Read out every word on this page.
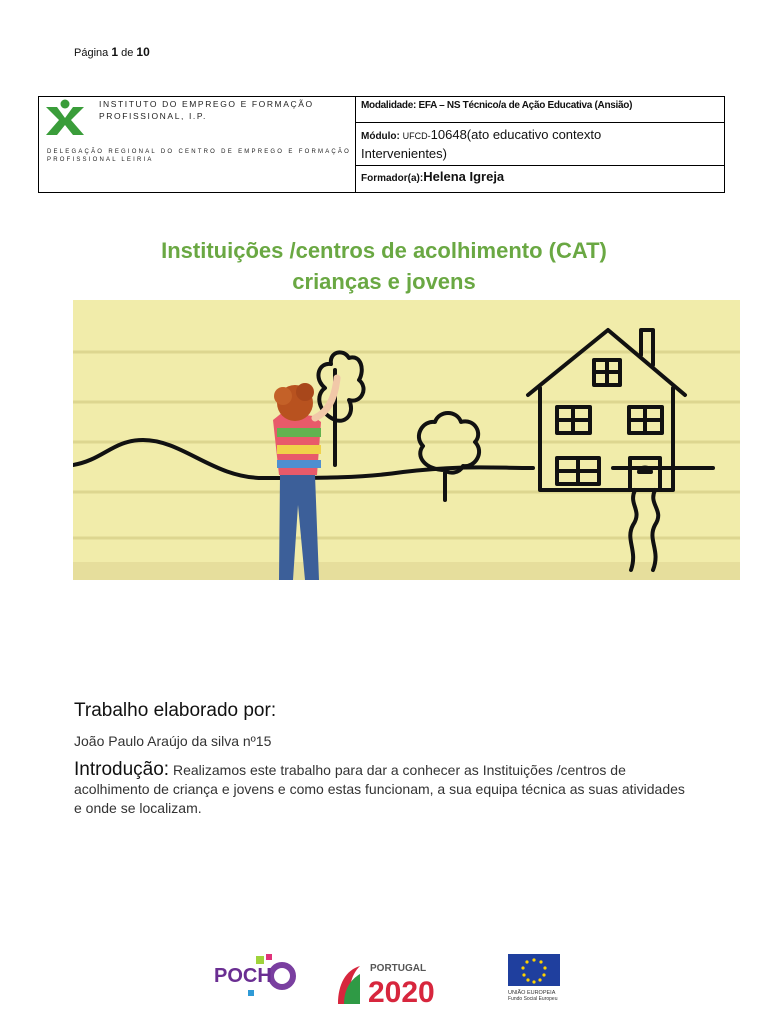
Página 1 de 10
INSTITUTO DO EMPREGO E FORMAÇÃO PROFISSIONAL, I.P.
DELEGAÇÃO REGIONAL DO CENTRO DE EMPREGO E FORMAÇÃO PROFISSIONAL LEIRIA
Modalidade: EFA – NS Técnico/a de Ação Educativa (Ansião)
Módulo: UFCD-10648(ato educativo contexto Intervenientes)
Formador(a):Helena Igreja
Instituições /centros de acolhimento (CAT)
crianças e jovens
Trabalho elaborado por:
João Paulo Araújo da silva nº15
Introdução: Realizamos este trabalho para dar a conhecer as Instituições /centros de acolhimento de criança e jovens e como estas funcionam, a sua equipa técnica as suas atividades e onde se localizam.
POCH	PORTUGAL
2020	UNIÃO EUROPEIA
Fundo Social Europeu
